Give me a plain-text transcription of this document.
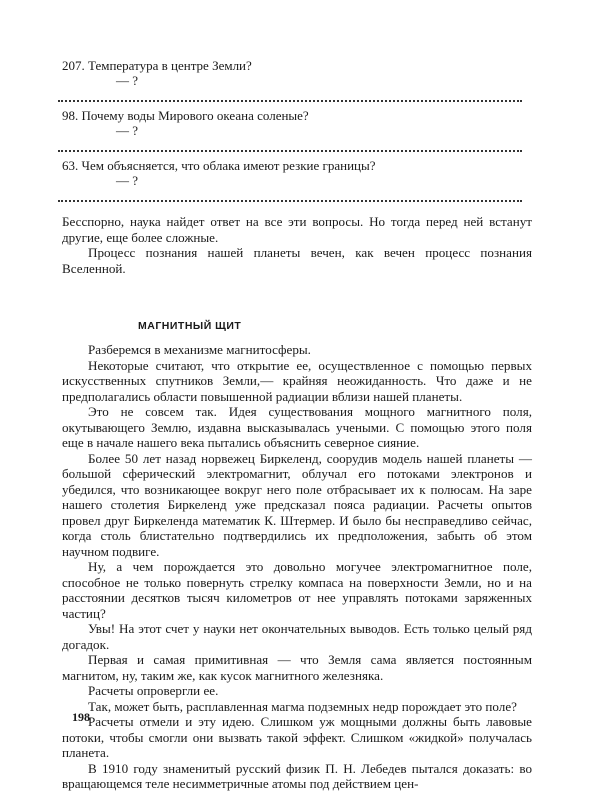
207. Температура в центре Земли?
— ?
98. Почему воды Мирового океана соленые?
— ?
63. Чем объясняется, что облака имеют резкие границы?
— ?

Бесспорно, наука найдет ответ на все эти вопросы. Но тогда перед ней встанут другие, еще более сложные.

Процесс познания нашей планеты вечен, как вечен процесс познания Вселенной.

МАГНИТНЫЙ ЩИТ

Разберемся в механизме магнитосферы.

Некоторые считают, что открытие ее, осуществленное с помощью первых искусственных спутников Земли,— крайняя неожиданность. Что даже и не предполагались области повышенной радиации вблизи нашей планеты.

Это не совсем так. Идея существования мощного магнитного поля, окутывающего Землю, издавна высказывалась учеными. С помощью этого поля еще в начале нашего века пытались объяснить северное сияние.

Более 50 лет назад норвежец Биркеленд, соорудив модель нашей планеты — большой сферический электромагнит, облучал его потоками электронов и убедился, что возникающее вокруг него поле отбрасывает их к полюсам. На заре нашего столетия Биркеленд уже предсказал пояса радиации. Расчеты опытов провел друг Биркеленда математик К. Штермер. И было бы несправедливо сейчас, когда столь блистательно подтвердились их предположения, забыть об этом научном подвиге.

Ну, а чем порождается это довольно могучее электромагнитное поле, способное не только повернуть стрелку компаса на поверхности Земли, но и на расстоянии десятков тысяч километров от нее управлять потоками заряженных частиц?

Увы! На этот счет у науки нет окончательных выводов. Есть только целый ряд догадок.

Первая и самая примитивная — что Земля сама является постоянным магнитом, ну, таким же, как кусок магнитного железняка.

Расчеты опровергли ее.

Так, может быть, расплавленная магма подземных недр порождает это поле?

Расчеты отмели и эту идею. Слишком уж мощными должны быть лавовые потоки, чтобы смогли они вызвать такой эффект. Слишком «жидкой» получалась планета.

В 1910 году знаменитый русский физик П. Н. Лебедев пытался доказать: во вращающемся теле несимметричные атомы под действием цен-

198
